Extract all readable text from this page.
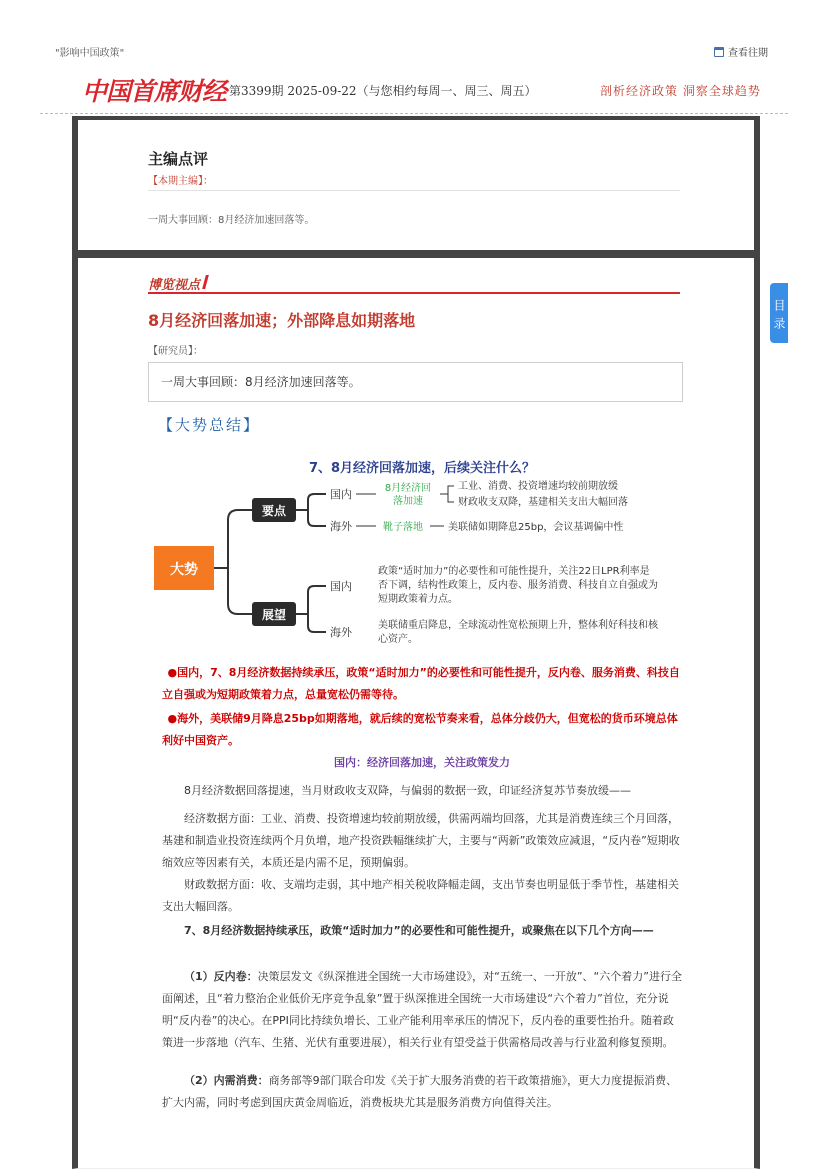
"影响中国政策"	查看往期
中国首席财经 第3399期 2025-09-22（与您相约每周一、周三、周五）	剖析经济政策 洞察全球趋势
主编点评
【本期主编】：
一周大事回顾：8月经济加速回落等。
博览视点
8月经济回落加速；外部降息如期落地
【研究员】：
一周大事回顾：8月经济加速回落等。
【大势总结】
7、8月经济回落加速，后续关注什么？
大势
要点
展望
国内
海外
国内
海外
8月经济回
落加速
靴子落地
工业、消费、投资增速均较前期放缓
财政收支双降，基建相关支出大幅回落
美联储如期降息25bp，会议基调偏中性
政策“适时加力”的必要性和可能性提升，关注22日LPR利率是
否下调，结构性政策上，反内卷、服务消费、科技自立自强或为
短期政策着力点。
美联储重启降息，全球流动性宽松预期上升，整体利好科技和核
心资产。
●国内，7、8月经济数据持续承压，政策“适时加力”的必要性和可能性提升，反内卷、服务消费、科技自立自强或为短期政策着力点，总量宽松仍需等待。
●海外，美联储9月降息25bp如期落地，就后续的宽松节奏来看，总体分歧仍大，但宽松的货币环境总体利好中国资产。
国内：经济回落加速，关注政策发力
8月经济数据回落提速，当月财政收支双降，与偏弱的数据一致，印证经济复苏节奏放缓——
经济数据方面：工业、消费、投资增速均较前期放缓，供需两端均回落，尤其是消费连续三个月回落，基建和制造业投资连续两个月负增，地产投资跌幅继续扩大，主要与“两新”政策效应减退，“反内卷”短期收缩效应等因素有关，本质还是内需不足，预期偏弱。
财政数据方面：收、支端均走弱，其中地产相关税收降幅走阔，支出节奏也明显低于季节性，基建相关支出大幅回落。
7、8月经济数据持续承压，政策“适时加力”的必要性和可能性提升，或聚焦在以下几个方向——
（1）反内卷：决策层发文《纵深推进全国统一大市场建设》，对“五统一、一开放”、“六个着力”进行全面阐述，且“着力整治企业低价无序竞争乱象”置于纵深推进全国统一大市场建设“六个着力”首位，充分说明“反内卷”的决心。在PPI同比持续负增长、工业产能利用率承压的情况下，反内卷的重要性抬升。随着政策进一步落地（汽车、生猪、光伏有重要进展），相关行业有望受益于供需格局改善与行业盈利修复预期。
（2）内需消费：商务部等9部门联合印发《关于扩大服务消费的若干政策措施》，更大力度提振消费、扩大内需，同时考虑到国庆黄金周临近，消费板块尤其是服务消费方向值得关注。
目录
